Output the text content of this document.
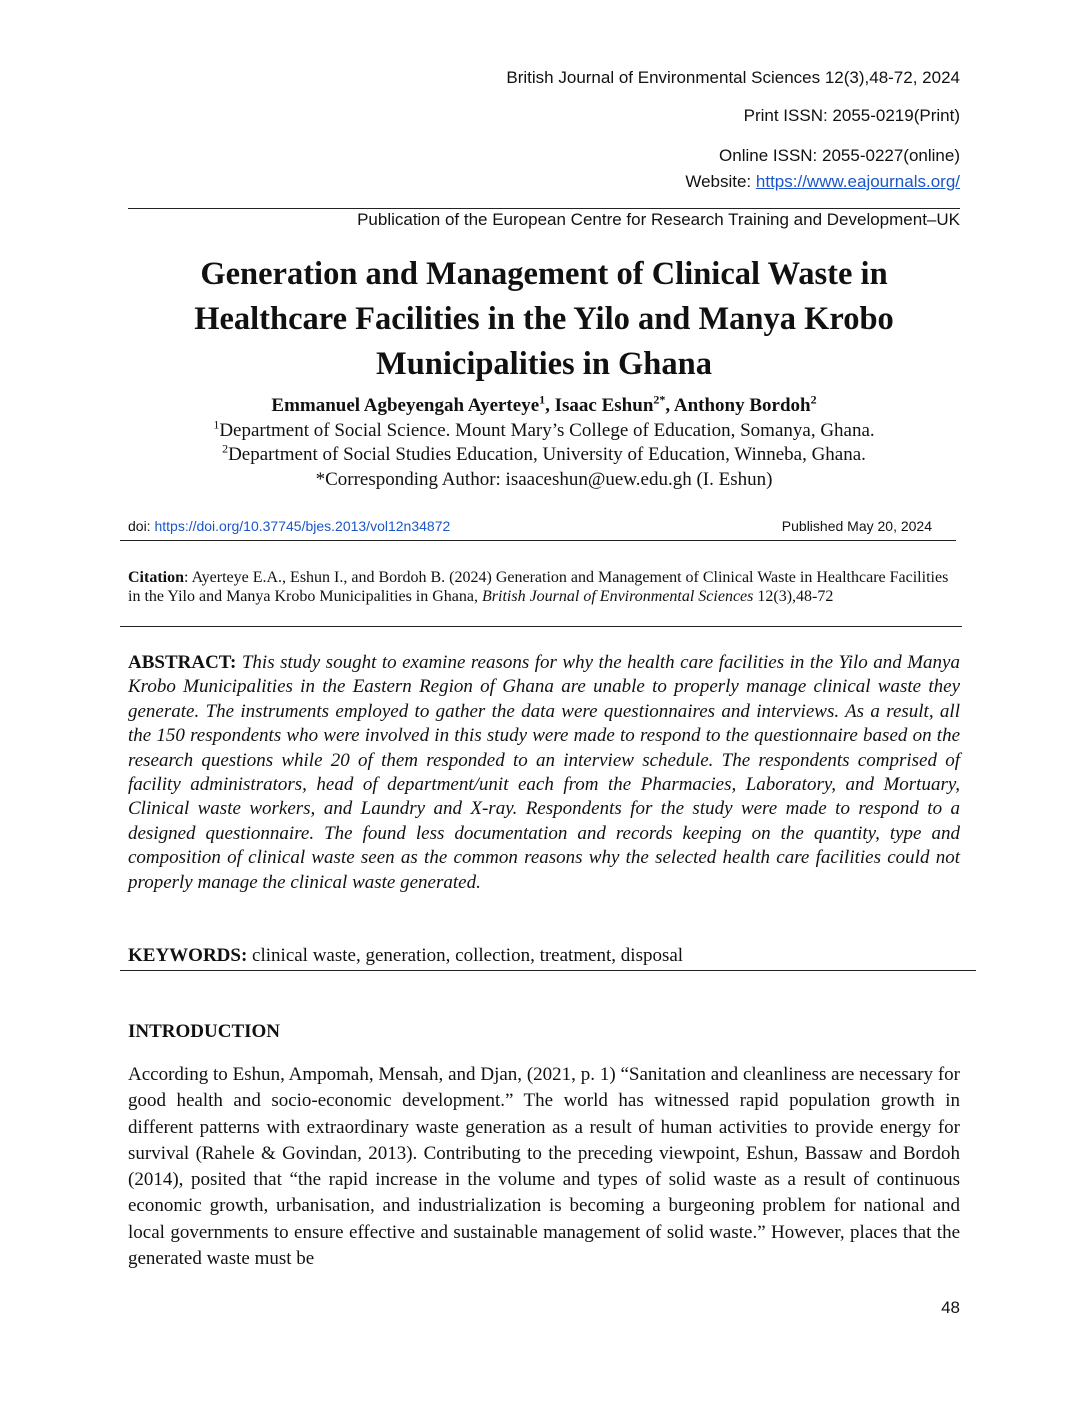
British Journal of Environmental Sciences 12(3),48-72, 2024
Print ISSN: 2055-0219(Print)
Online ISSN: 2055-0227(online)
Website: https://www.eajournals.org/
Publication of the European Centre for Research Training and Development–UK
Generation and Management of Clinical Waste in
Healthcare Facilities in the Yilo and Manya Krobo
Municipalities in Ghana
Emmanuel Agbeyengah Ayerteye$^1$, Isaac Eshun$^{2*}$, Anthony Bordoh$^2$
$^1$Department of Social Science. Mount Mary’s College of Education, Somanya, Ghana.
$^2$Department of Social Studies Education, University of Education, Winneba, Ghana.
*Corresponding Author: isaaceshun@uew.edu.gh (I. Eshun)
doi: https://doi.org/10.37745/bjes.2013/vol12n34872	Published May 20, 2024
Citation: Ayerteye E.A., Eshun I., and Bordoh B. (2024) Generation and Management of Clinical Waste in Healthcare Facilities in the Yilo and Manya Krobo Municipalities in Ghana, British Journal of Environmental Sciences 12(3),48-72
ABSTRACT: This study sought to examine reasons for why the health care facilities in the Yilo and Manya Krobo Municipalities in the Eastern Region of Ghana are unable to properly manage clinical waste they generate. The instruments employed to gather the data were questionnaires and interviews. As a result, all the 150 respondents who were involved in this study were made to respond to the questionnaire based on the research questions while 20 of them responded to an interview schedule. The respondents comprised of facility administrators, head of department/unit each from the Pharmacies, Laboratory, and Mortuary, Clinical waste workers, and Laundry and X-ray. Respondents for the study were made to respond to a designed questionnaire. The found less documentation and records keeping on the quantity, type and composition of clinical waste seen as the common reasons why the selected health care facilities could not properly manage the clinical waste generated.
KEYWORDS: clinical waste, generation, collection, treatment, disposal
INTRODUCTION
According to Eshun, Ampomah, Mensah, and Djan, (2021, p. 1) “Sanitation and cleanliness are necessary for good health and socio-economic development.” The world has witnessed rapid population growth in different patterns with extraordinary waste generation as a result of human activities to provide energy for survival (Rahele & Govindan, 2013). Contributing to the preceding viewpoint, Eshun, Bassaw and Bordoh (2014), posited that “the rapid increase in the volume and types of solid waste as a result of continuous economic growth, urbanisation, and industrialization is becoming a burgeoning problem for national and local governments to ensure effective and sustainable management of solid waste.” However, places that the generated waste must be
48
